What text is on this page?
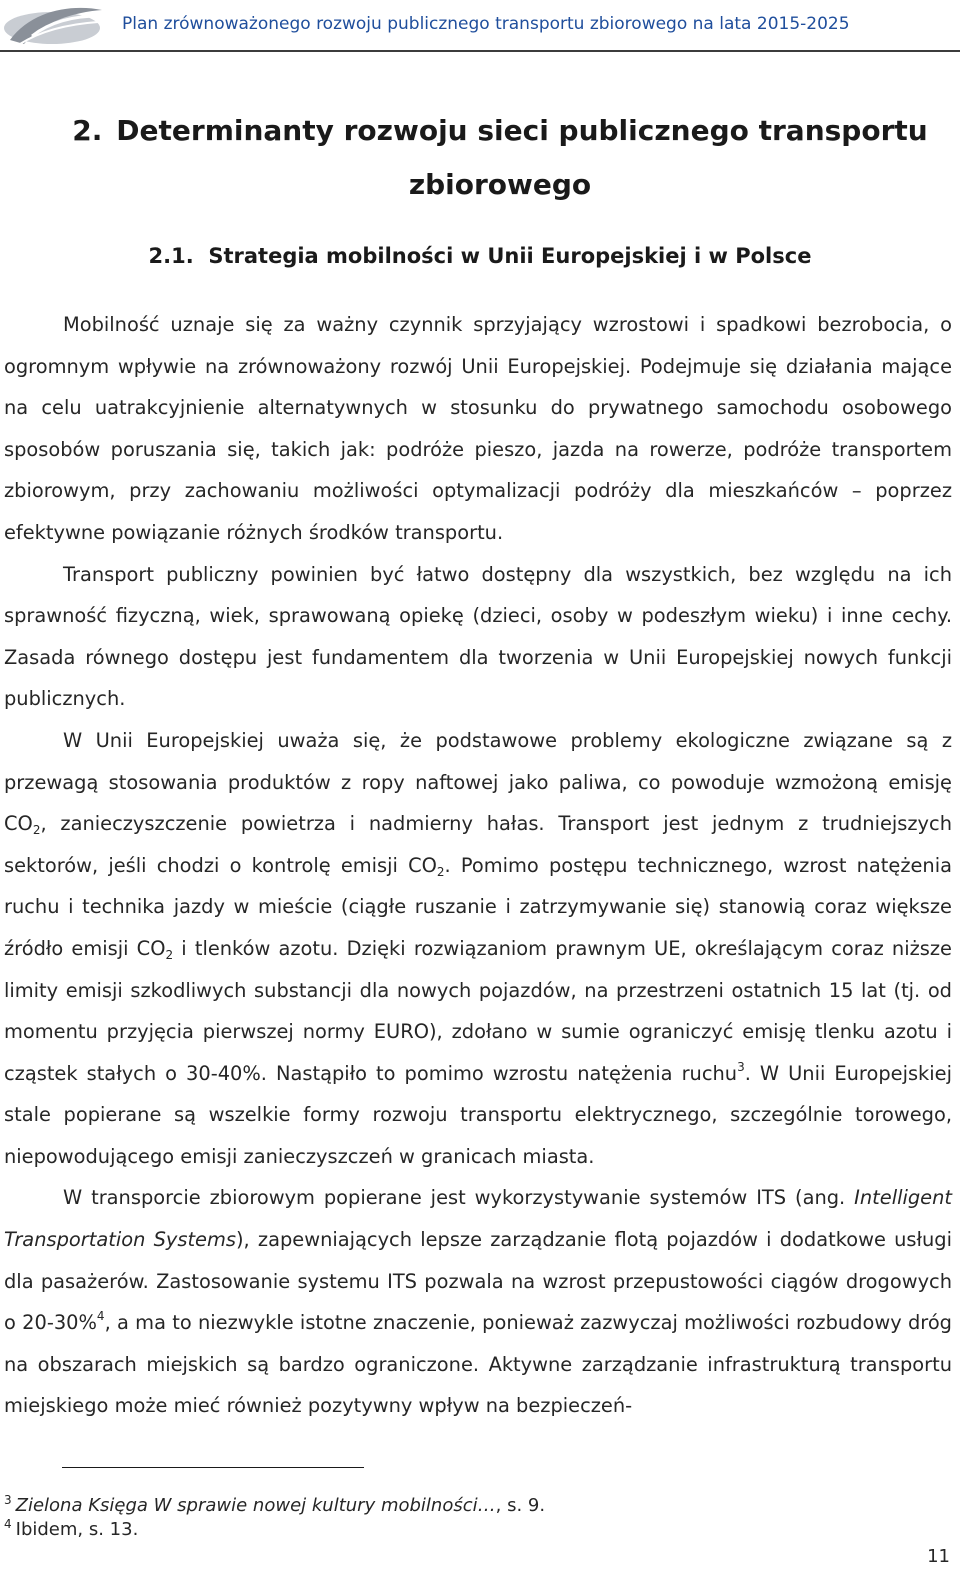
Plan zrównoważonego rozwoju publicznego transportu zbiorowego na lata 2015-2025
2. Determinanty rozwoju sieci publicznego transportu
zbiorowego
2.1. Strategia mobilności w Unii Europejskiej i w Polsce

Mobilność uznaje się za ważny czynnik sprzyjający wzrostowi i spadkowi bezrobocia, o ogromnym wpływie na zrównoważony rozwój Unii Europejskiej. Podejmuje się działania mające na celu uatrakcyjnienie alternatywnych w stosunku do prywatnego samochodu osobowego sposobów poruszania się, takich jak: podróże pieszo, jazda na rowerze, podróże transportem zbiorowym, przy zachowaniu możliwości optymalizacji podróży dla mieszkańców – poprzez efektywne powiązanie różnych środków transportu.

Transport publiczny powinien być łatwo dostępny dla wszystkich, bez względu na ich sprawność fizyczną, wiek, sprawowaną opiekę (dzieci, osoby w podeszłym wieku) i inne cechy. Zasada równego dostępu jest fundamentem dla tworzenia w Unii Europejskiej nowych funkcji publicznych.

W Unii Europejskiej uważa się, że podstawowe problemy ekologiczne związane są z przewagą stosowania produktów z ropy naftowej jako paliwa, co powoduje wzmożoną emisję $CO_2$, zanieczyszczenie powietrza i nadmierny hałas. Transport jest jednym z trudniejszych sektorów, jeśli chodzi o kontrolę emisji $CO_2$. Pomimo postępu technicznego, wzrost natężenia ruchu i technika jazdy w mieście (ciągłe ruszanie i zatrzymywanie się) stanowią coraz większe źródło emisji $CO_2$ i tlenków azotu. Dzięki rozwiązaniom prawnym UE, określającym coraz niższe limity emisji szkodliwych substancji dla nowych pojazdów, na przestrzeni ostatnich 15 lat (tj. od momentu przyjęcia pierwszej normy EURO), zdołano w sumie ograniczyć emisję tlenku azotu i cząstek stałych o 30-40%. Nastąpiło to pomimo wzrostu natężenia ruchu$^3$. W Unii Europejskiej stale popierane są wszelkie formy rozwoju transportu elektrycznego, szczególnie torowego, niepowodującego emisji zanieczyszczeń w granicach miasta.

W transporcie zbiorowym popierane jest wykorzystywanie systemów ITS (ang. Intelligent Transportation Systems), zapewniających lepsze zarządzanie flotą pojazdów i dodatkowe usługi dla pasażerów. Zastosowanie systemu ITS pozwala na wzrost przepustowości ciągów drogowych o 20-30%$^4$, a ma to niezwykle istotne znaczenie, ponieważ zazwyczaj możliwości rozbudowy dróg na obszarach miejskich są bardzo ograniczone. Aktywne zarządzanie infrastrukturą transportu miejskiego może mieć również pozytywny wpływ na bezpieczeń-

$^3$ Zielona Księga W sprawie nowej kultury mobilności…, s. 9.
$^4$ Ibidem, s. 13.
11
